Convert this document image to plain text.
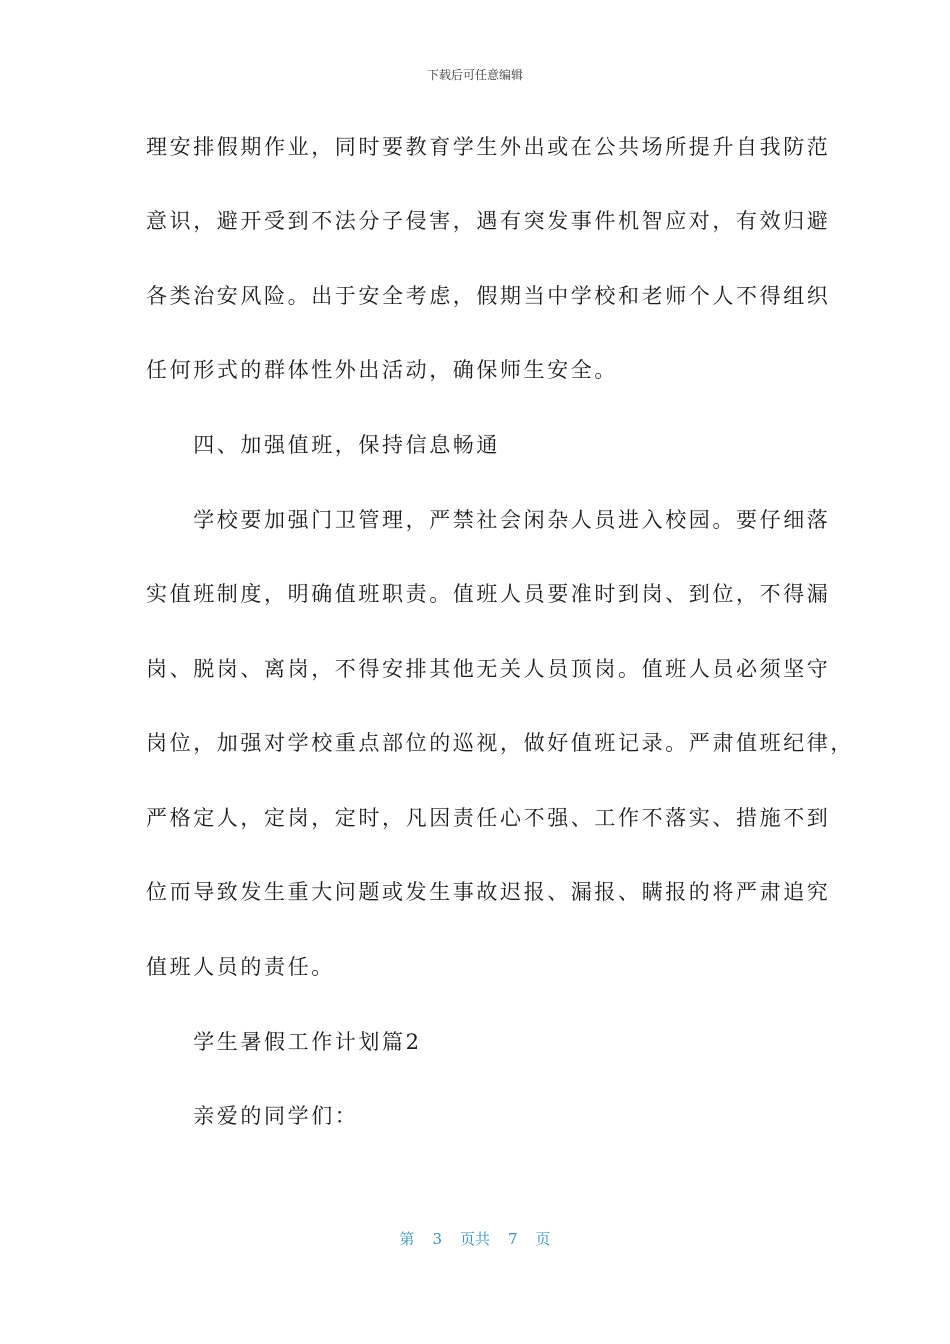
下载后可任意编辑
理安排假期作业，同时要教育学生外出或在公共场所提升自我防范
意识，避开受到不法分子侵害，遇有突发事件机智应对，有效归避
各类治安风险。出于安全考虑，假期当中学校和老师个人不得组织
任何形式的群体性外出活动，确保师生安全。
　　四、加强值班，保持信息畅通
　　学校要加强门卫管理，严禁社会闲杂人员进入校园。要仔细落
实值班制度，明确值班职责。值班人员要准时到岗、到位，不得漏
岗、脱岗、离岗，不得安排其他无关人员顶岗。值班人员必须坚守
岗位，加强对学校重点部位的巡视，做好值班记录。严肃值班纪律，
严格定人，定岗，定时，凡因责任心不强、工作不落实、措施不到
位而导致发生重大问题或发生事故迟报、漏报、瞒报的将严肃追究
值班人员的责任。
　　学生暑假工作计划篇2
　　亲爱的同学们：
第 3 页共 7 页
